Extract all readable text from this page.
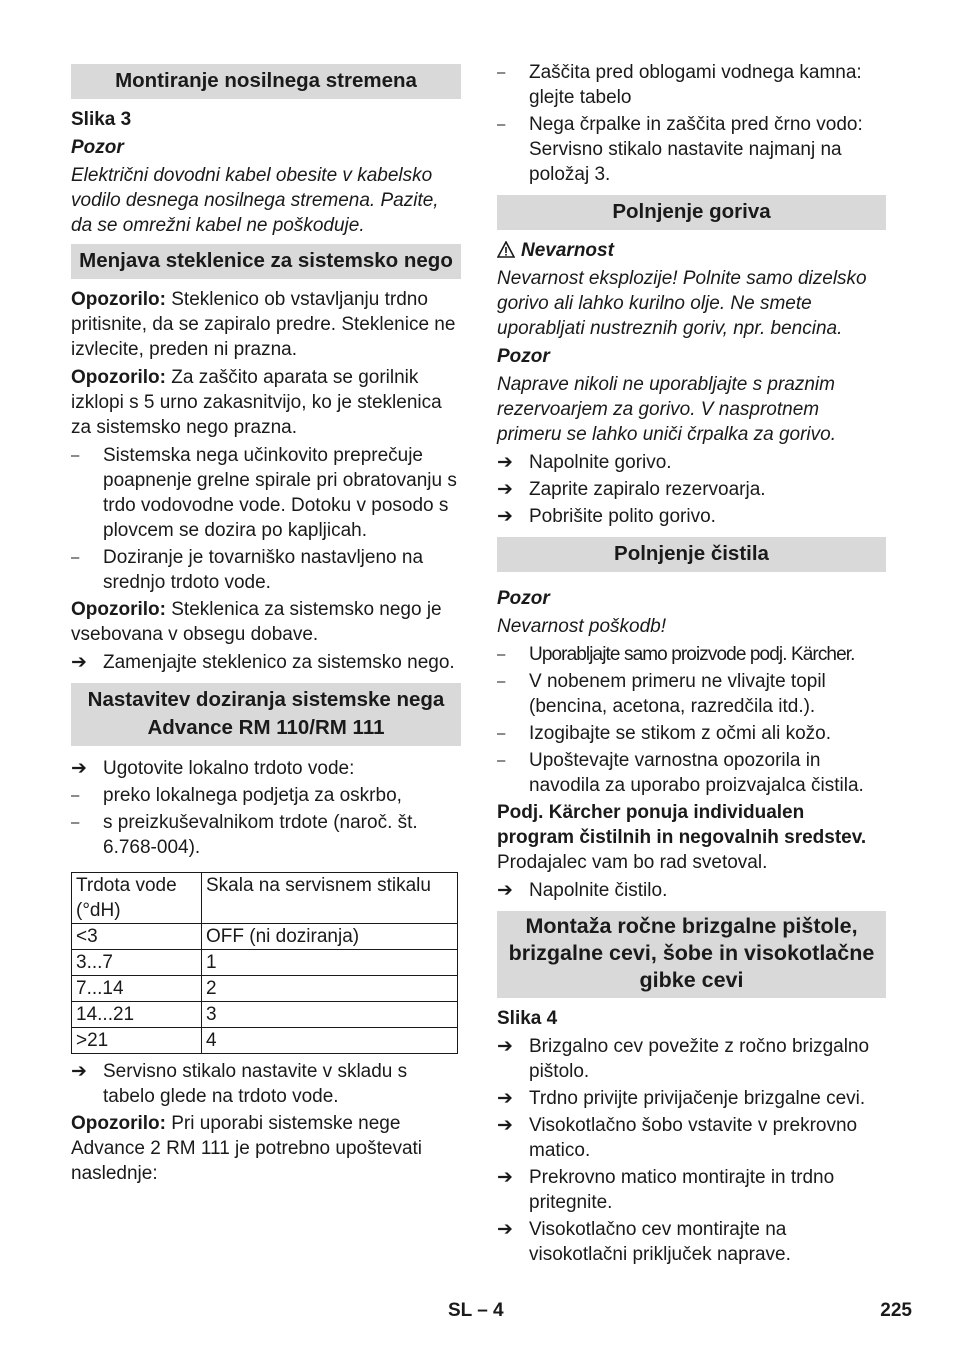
Montiranje nosilnega stremena
Slika 3
Pozor
Električni dovodni kabel obesite v kabelsko vodilo desnega nosilnega stremena. Pazite, da se omrežni kabel ne poškoduje.
Menjava steklenice za sistemsko nego
Opozorilo: Steklenico ob vstavljanju trdno pritisnite, da se zapiralo predre. Steklenice ne izvlecite, preden ni prazna.
Opozorilo: Za zaščito aparata se gorilnik izklopi s 5 urno zakasnitvijo, ko je steklenica za sistemsko nego prazna.
–	Sistemska nega učinkovito preprečuje poapnenje grelne spirale pri obratovanju s trdo vodovodne vode. Dotoku v posodo s plovcem se dozira po kapljicah.
–	Doziranje je tovarniško nastavljeno na srednjo trdoto vode.
Opozorilo: Steklenica za sistemsko nego je vsebovana v obsegu dobave.
➔ Zamenjajte steklenico za sistemsko nego.
Nastavitev doziranja sistemske nega Advance RM 110/RM 111
➔ Ugotovite lokalno trdoto vode:
–	preko lokalnega podjetja za oskrbo,
–	s preizkuševalnikom trdote (naroč. št. 6.768-004).
Trdota vode (°dH)	Skala na servisnem stikalu
<3	OFF (ni doziranja)
3...7	1
7...14	2
14...21	3
>21	4
➔ Servisno stikalo nastavite v skladu s tabelo glede na trdoto vode.
Opozorilo: Pri uporabi sistemske nege Advance 2 RM 111 je potrebno upoštevati naslednje:
–	Zaščita pred oblogami vodnega kamna: glejte tabelo
–	Nega črpalke in zaščita pred črno vodo: Servisno stikalo nastavite najmanj na položaj 3.
Polnjenje goriva
Nevarnost
Nevarnost eksplozije! Polnite samo dizelsko gorivo ali lahko kurilno olje. Ne smete uporabljati nustreznih goriv, npr. bencina.
Pozor
Naprave nikoli ne uporabljajte s praznim rezervoarjem za gorivo. V nasprotnem primeru se lahko uniči črpalka za gorivo.
➔ Napolnite gorivo.
➔ Zaprite zapiralo rezervoarja.
➔ Pobrišite polito gorivo.
Polnjenje čistila
Pozor
Nevarnost poškodb!
–	Uporabljajte samo proizvode podj. Kärcher.
–	V nobenem primeru ne vlivajte topil (bencina, acetona, razredčila itd.).
–	Izogibajte se stikom z očmi ali kožo.
–	Upoštevajte varnostna opozorila in navodila za uporabo proizvajalca čistila.
Podj. Kärcher ponuja individualen program čistilnih in negovalnih sredstev.
Prodajalec vam bo rad svetoval.
➔ Napolnite čistilo.
Montaža ročne brizgalne pištole, brizgalne cevi, šobe in visokotlačne gibke cevi
Slika 4
➔ Brizgalno cev povežite z ročno brizgalno pištolo.
➔ Trdno privijte privijačenje brizgalne cevi.
➔ Visokotlačno šobo vstavite v prekrovno matico.
➔ Prekrovno matico montirajte in trdno pritegnite.
➔ Visokotlačno cev montirajte na visokotlačni priključek naprave.
SL – 4	225
